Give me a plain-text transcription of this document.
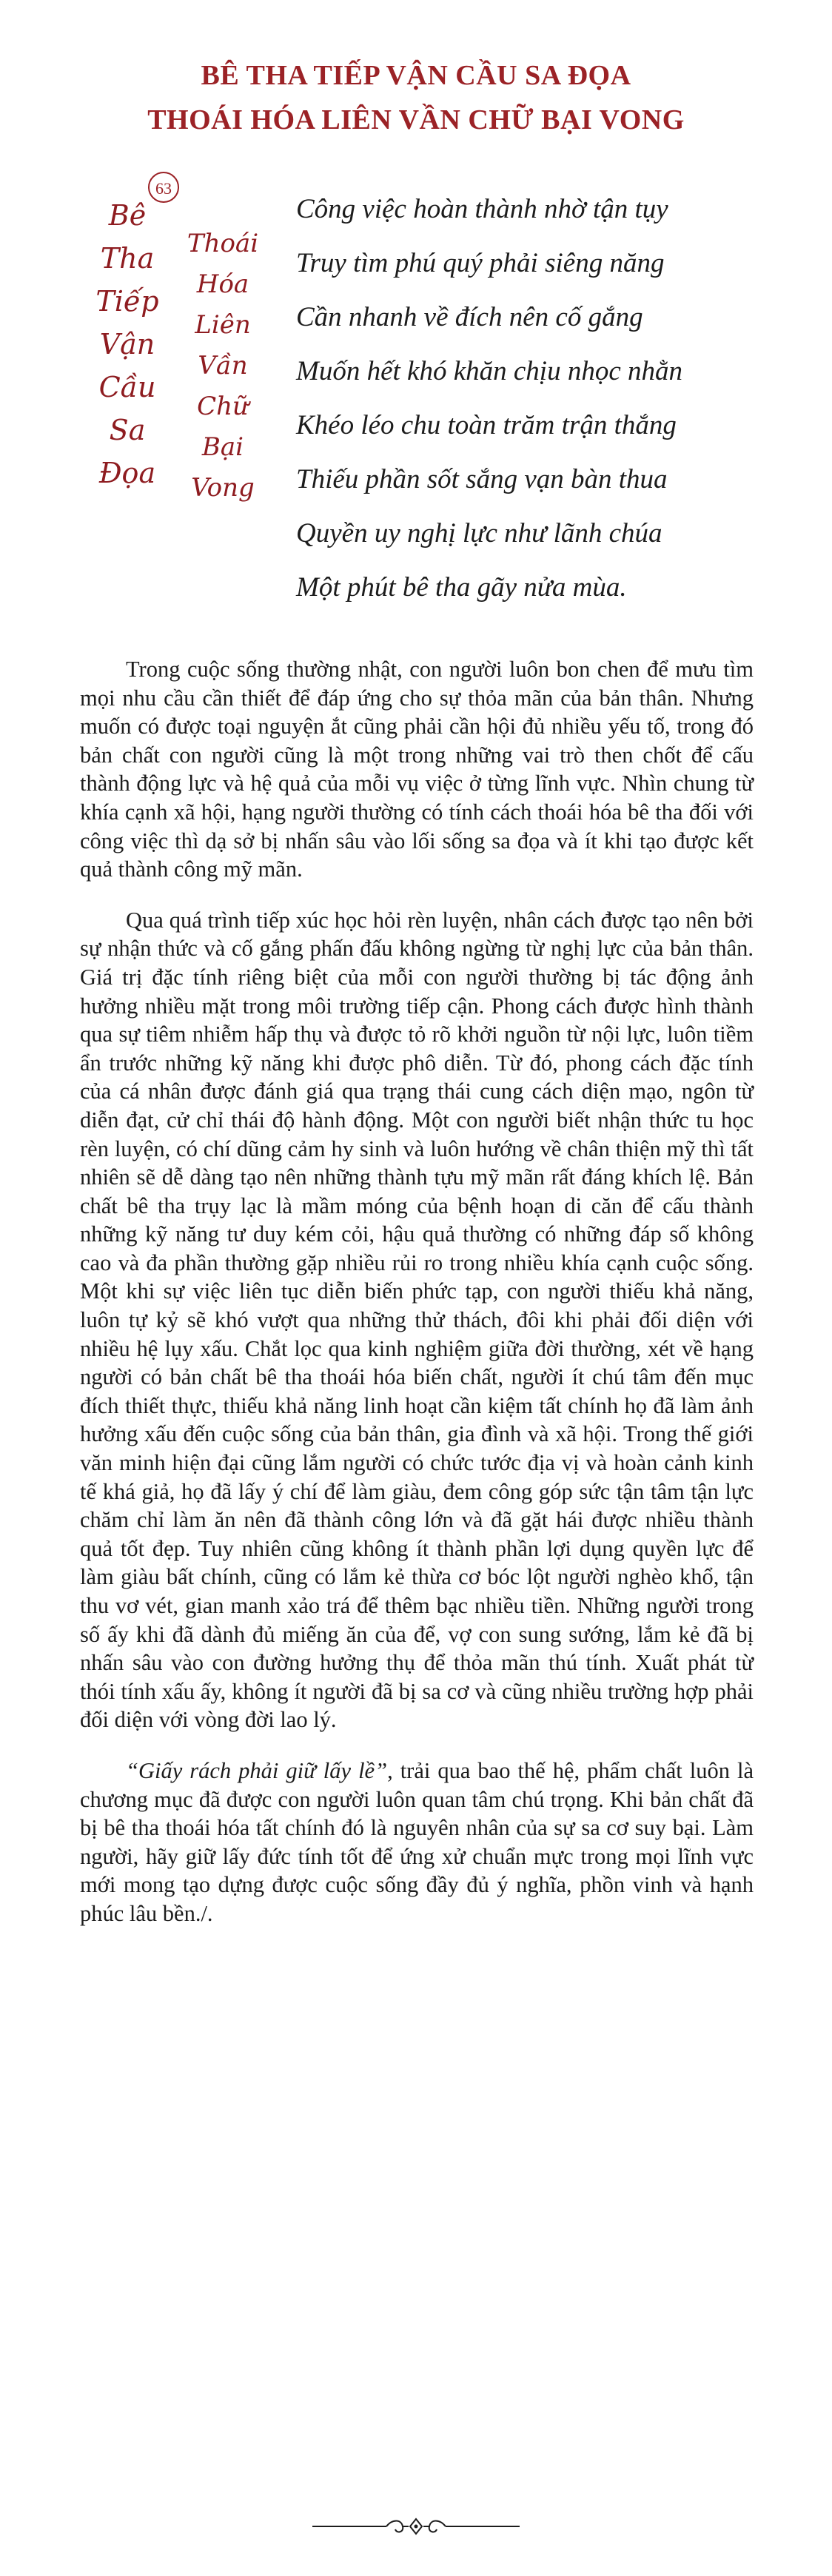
BÊ THA TIẾP VẬN CẦU SA ĐỌA
THOÁI HÓA LIÊN VẦN CHỮ BẠI VONG
63
Bê
Tha
Tiếp
Vận
Cầu
Sa
Đọa
Thoái
Hóa
Liên
Vần
Chữ
Bại
Vong
Công việc hoàn thành nhờ tận tụy
Truy tìm phú quý phải siêng năng
Cần nhanh về đích nên cố gắng
Muốn hết khó khăn chịu nhọc nhằn
Khéo léo chu toàn trăm trận thắng
Thiếu phần sốt sắng vạn bàn thua
Quyền uy nghị lực như lãnh chúa
Một phút bê tha gãy nửa mùa.

Trong cuộc sống thường nhật, con người luôn bon chen để mưu tìm mọi nhu cầu cần thiết để đáp ứng cho sự thỏa mãn của bản thân. Nhưng muốn có được toại nguyện ắt cũng phải cần hội đủ nhiều yếu tố, trong đó bản chất con người cũng là một trong những vai trò then chốt để cấu thành động lực và hệ quả của mỗi vụ việc ở từng lĩnh vực. Nhìn chung từ khía cạnh xã hội, hạng người thường có tính cách thoái hóa bê tha đối với công việc thì dạ sở bị nhấn sâu vào lối sống sa đọa và ít khi tạo được kết quả thành công mỹ mãn.

Qua quá trình tiếp xúc học hỏi rèn luyện, nhân cách được tạo nên bởi sự nhận thức và cố gắng phấn đấu không ngừng từ nghị lực của bản thân. Giá trị đặc tính riêng biệt của mỗi con người thường bị tác động ảnh hưởng nhiều mặt trong môi trường tiếp cận. Phong cách được hình thành qua sự tiêm nhiễm hấp thụ và được tỏ rõ khởi nguồn từ nội lực, luôn tiềm ẩn trước những kỹ năng khi được phô diễn. Từ đó, phong cách đặc tính của cá nhân được đánh giá qua trạng thái cung cách diện mạo, ngôn từ diễn đạt, cử chỉ thái độ hành động. Một con người biết nhận thức tu học rèn luyện, có chí dũng cảm hy sinh và luôn hướng về chân thiện mỹ thì tất nhiên sẽ dễ dàng tạo nên những thành tựu mỹ mãn rất đáng khích lệ. Bản chất bê tha trụy lạc là mầm móng của bệnh hoạn di căn để cấu thành những kỹ năng tư duy kém cỏi, hậu quả thường có những đáp số không cao và đa phần thường gặp nhiều rủi ro trong nhiều khía cạnh cuộc sống. Một khi sự việc liên tục diễn biến phức tạp, con người thiếu khả năng, luôn tự kỷ sẽ khó vượt qua những thử thách, đôi khi phải đối diện với nhiều hệ lụy xấu. Chắt lọc qua kinh nghiệm giữa đời thường, xét về hạng người có bản chất bê tha thoái hóa biến chất, người ít chú tâm đến mục đích thiết thực, thiếu khả năng linh hoạt cần kiệm tất chính họ đã làm ảnh hưởng xấu đến cuộc sống của bản thân, gia đình và xã hội. Trong thế giới văn minh hiện đại cũng lắm người có chức tước địa vị và hoàn cảnh kinh tế khá giả, họ đã lấy ý chí để làm giàu, đem công góp sức tận tâm tận lực chăm chỉ làm ăn nên đã thành công lớn và đã gặt hái được nhiều thành quả tốt đẹp. Tuy nhiên cũng không ít thành phần lợi dụng quyền lực để làm giàu bất chính, cũng có lắm kẻ thừa cơ bóc lột người nghèo khổ, tận thu vơ vét, gian manh xảo trá để thêm bạc nhiều tiền. Những người trong số ấy khi đã dành đủ miếng ăn của để, vợ con sung sướng, lắm kẻ đã bị nhấn sâu vào con đường hưởng thụ để thỏa mãn thú tính. Xuất phát từ thói tính xấu ấy, không ít người đã bị sa cơ và cũng nhiều trường hợp phải đối diện với vòng đời lao lý.

“Giấy rách phải giữ lấy lề”, trải qua bao thế hệ, phẩm chất luôn là chương mục đã được con người luôn quan tâm chú trọng. Khi bản chất đã bị bê tha thoái hóa tất chính đó là nguyên nhân của sự sa cơ suy bại. Làm người, hãy giữ lấy đức tính tốt để ứng xử chuẩn mực trong mọi lĩnh vực mới mong tạo dựng được cuộc sống đầy đủ ý nghĩa, phồn vinh và hạnh phúc lâu bền./.
